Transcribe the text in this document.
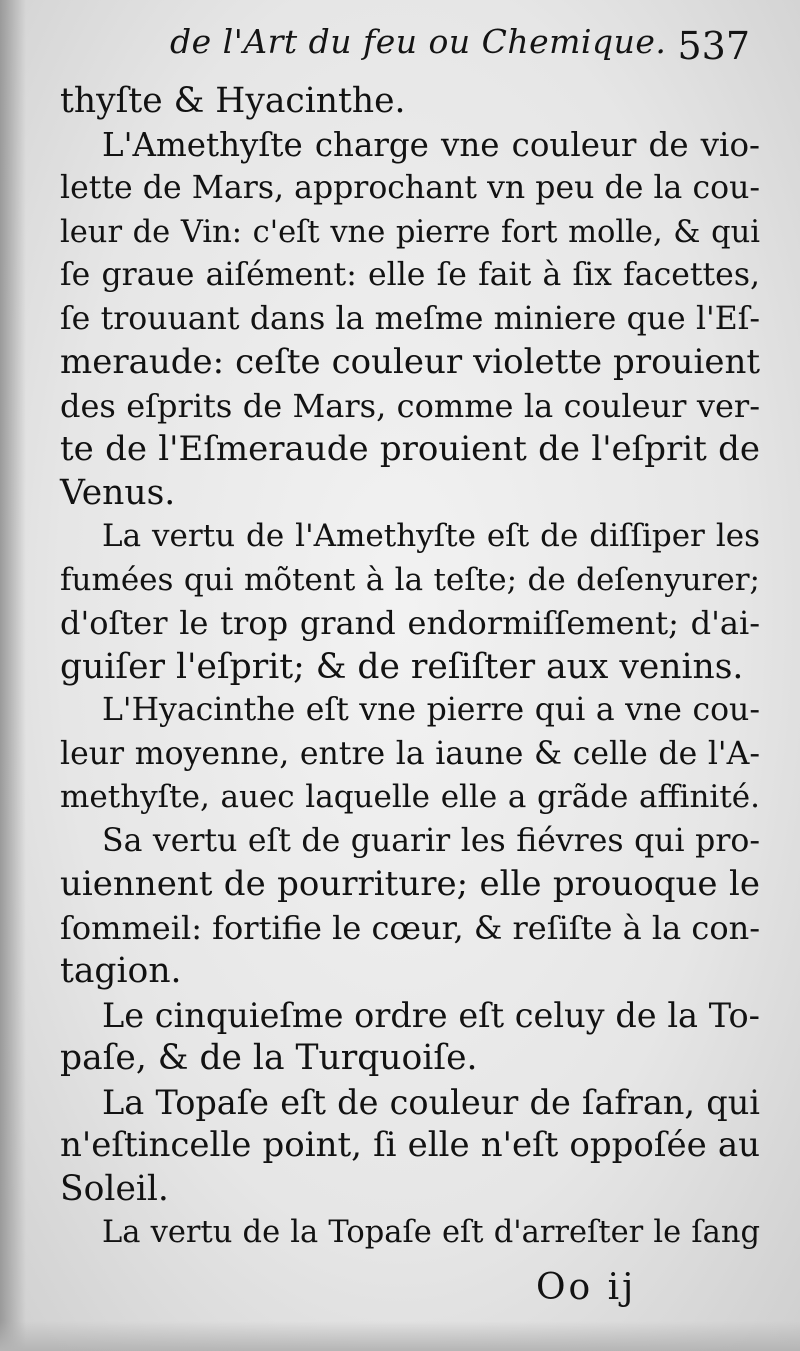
de l'Art du feu ou Chemique. 537
thyſte & Hyacinthe.
L'Amethyſte charge vne couleur de vio-
lette de Mars, approchant vn peu de la cou-
leur de Vin: c'eſt vne pierre fort molle, & qui
ſe graue aiſément: elle ſe fait à ſix facettes,
ſe trouuant dans la meſme miniere que l'Eſ-
meraude: ceſte couleur violette prouient
des eſprits de Mars, comme la couleur ver-
te de l'Eſmeraude prouient de l'eſprit de
Venus.
La vertu de l'Amethyſte eſt de diſſiper les
fumées qui mõtent à la teſte; de deſenyurer;
d'oſter le trop grand endormiſſement; d'ai-
guiſer l'eſprit; & de reſiſter aux venins.
L'Hyacinthe eſt vne pierre qui a vne cou-
leur moyenne, entre la iaune & celle de l'A-
methyſte, auec laquelle elle a grãde affinité.
Sa vertu eſt de guarir les fiévres qui pro-
uiennent de pourriture; elle prouoque le
ſommeil: fortifie le cœur, & reſiſte à la con-
tagion.
Le cinquieſme ordre eſt celuy de la To-
paſe, & de la Turquoiſe.
La Topaſe eſt de couleur de ſafran, qui
n'eſtincelle point, ſi elle n'eſt oppoſée au
Soleil.
La vertu de la Topaſe eſt d'arreſter le ſang
Oo ij
